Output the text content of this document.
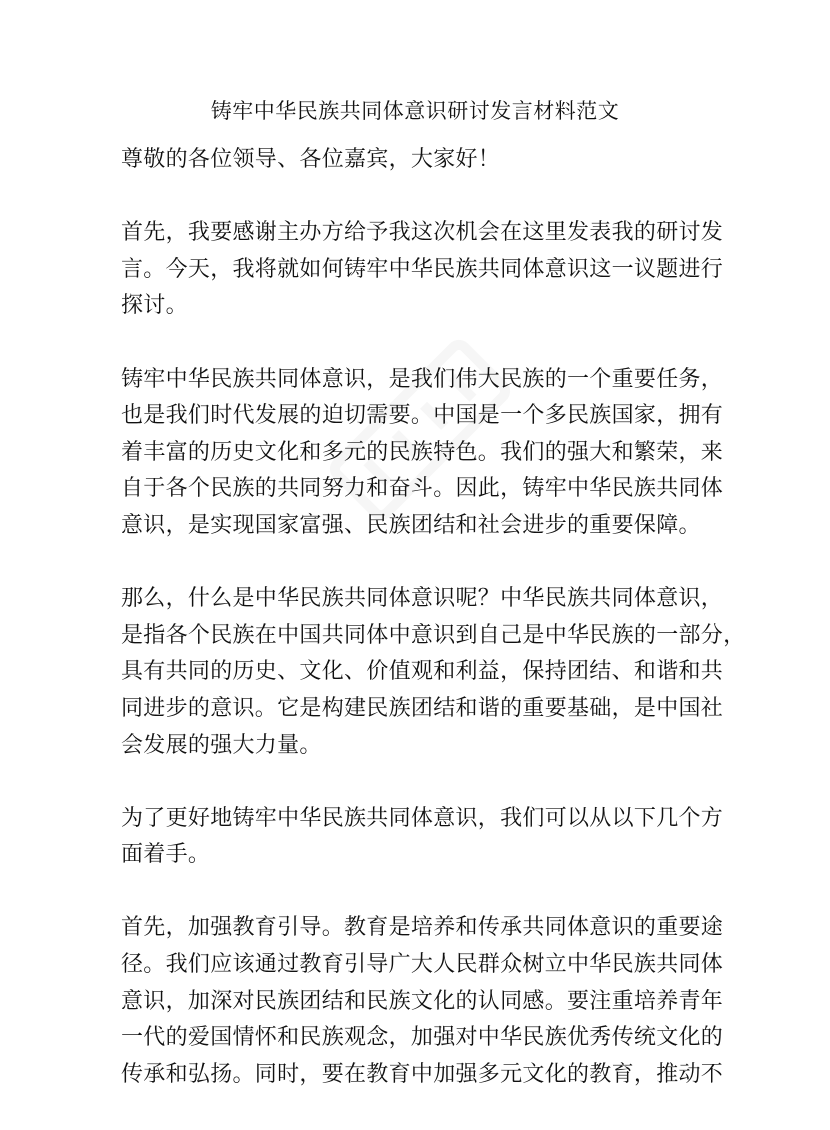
铸牢中华民族共同体意识研讨发言材料范文

尊敬的各位领导、各位嘉宾，大家好！

首先，我要感谢主办方给予我这次机会在这里发表我的研讨发
言。今天，我将就如何铸牢中华民族共同体意识这一议题进行
探讨。

铸牢中华民族共同体意识，是我们伟大民族的一个重要任务，
也是我们时代发展的迫切需要。中国是一个多民族国家，拥有
着丰富的历史文化和多元的民族特色。我们的强大和繁荣，来
自于各个民族的共同努力和奋斗。因此，铸牢中华民族共同体
意识，是实现国家富强、民族团结和社会进步的重要保障。

那么，什么是中华民族共同体意识呢？中华民族共同体意识，
是指各个民族在中国共同体中意识到自己是中华民族的一部分，
具有共同的历史、文化、价值观和利益，保持团结、和谐和共
同进步的意识。它是构建民族团结和谐的重要基础，是中国社
会发展的强大力量。

为了更好地铸牢中华民族共同体意识，我们可以从以下几个方
面着手。

首先，加强教育引导。教育是培养和传承共同体意识的重要途
径。我们应该通过教育引导广大人民群众树立中华民族共同体
意识，加深对民族团结和民族文化的认同感。要注重培养青年
一代的爱国情怀和民族观念，加强对中华民族优秀传统文化的
传承和弘扬。同时，要在教育中加强多元文化的教育，推动不
